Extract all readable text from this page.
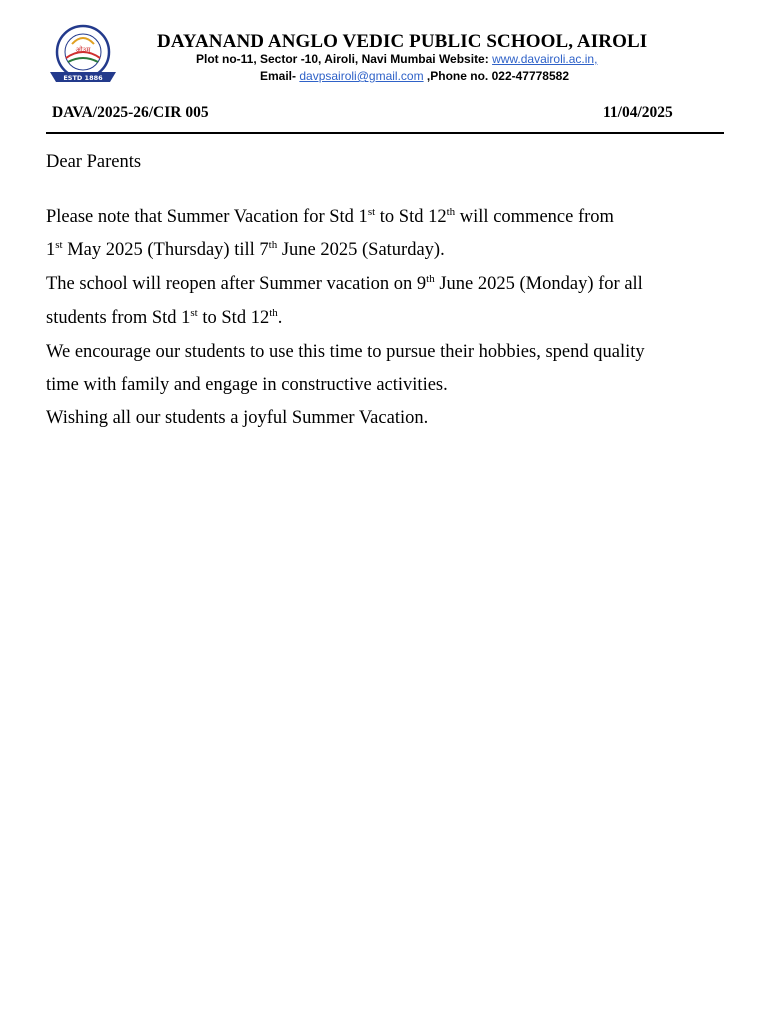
ओ३म्
ESTD 1886
DAYANAND ANGLO VEDIC PUBLIC SCHOOL, AIROLI
Plot no-11, Sector -10, Airoli, Navi Mumbai Website: www.davairoli.ac.in,
Email- davpsairoli@gmail.com ,Phone no. 022-47778582
DAVA/2025-26/CIR 005	11/04/2025
Dear Parents
Please note that Summer Vacation for Std 1st to Std 12th will commence from
1st May 2025 (Thursday) till 7th June 2025 (Saturday).
The school will reopen after Summer vacation on 9th June 2025 (Monday) for all
students from Std 1st to Std 12th.
We encourage our students to use this time to pursue their hobbies, spend quality
time with family and engage in constructive activities.
Wishing all our students a joyful Summer Vacation.
